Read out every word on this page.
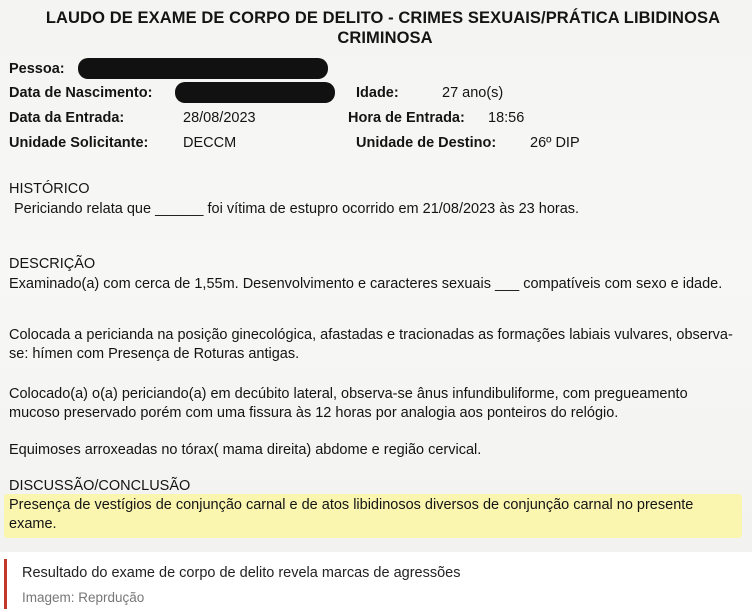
LAUDO DE EXAME DE CORPO DE DELITO - CRIMES SEXUAIS/PRÁTICA LIBIDINOSA
CRIMINOSA
Pessoa:
Data de Nascimento:	Idade:	27 ano(s)
Data da Entrada:	28/08/2023	Hora de Entrada: 18:56
Unidade Solicitante: DECCM	Unidade de Destino: 26º DIP
HISTÓRICO
Periciando relata que ______ foi vítima de estupro ocorrido em 21/08/2023 às 23 horas.
DESCRIÇÃO
Examinado(a) com cerca de 1,55m. Desenvolvimento e caracteres sexuais ___ compatíveis com sexo e idade.
Colocada a pericianda na posição ginecológica, afastadas e tracionadas as formações labiais vulvares, observa-se: hímen com Presença de Roturas antigas.
Colocado(a) o(a) periciando(a) em decúbito lateral, observa-se ânus infundibuliforme, com pregueamento mucoso preservado porém com uma fissura às 12 horas por analogia aos ponteiros do relógio.
Equimoses arroxeadas no tórax( mama direita) abdome e região cervical.
DISCUSSÃO/CONCLUSÃO
Presença de vestígios de conjunção carnal e de atos libidinosos diversos de conjunção carnal no presente exame.
Resultado do exame de corpo de delito revela marcas de agressões
Imagem: Reprdução
